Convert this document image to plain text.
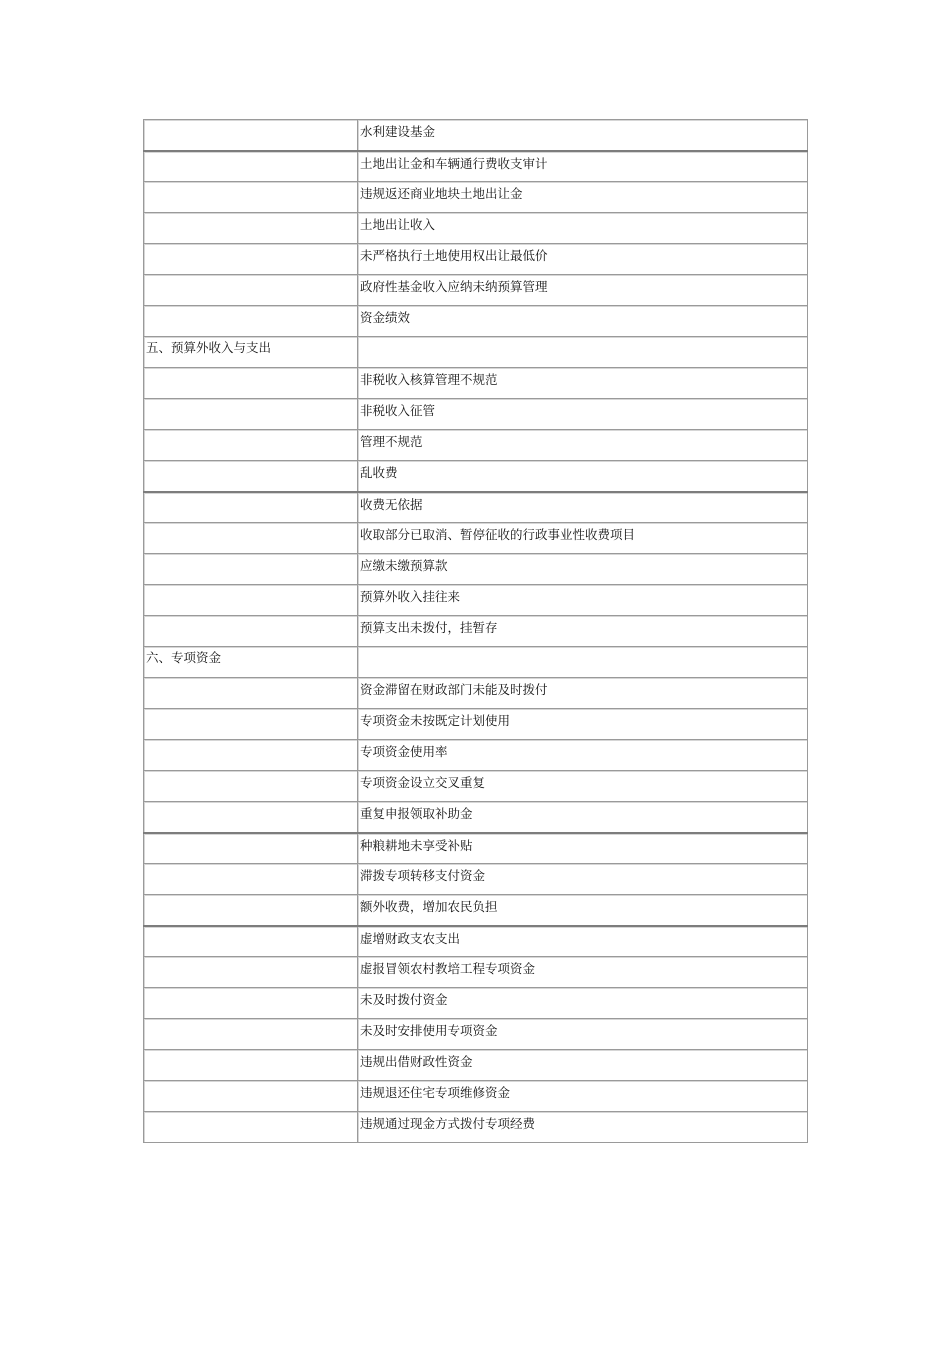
	水利建设基金
	土地出让金和车辆通行费收支审计
	违规返还商业地块土地出让金
	土地出让收入
	未严格执行土地使用权出让最低价
	政府性基金收入应纳未纳预算管理
	资金绩效
五、预算外收入与支出	
	非税收入核算管理不规范
	非税收入征管
	管理不规范
	乱收费
	收费无依据
	收取部分已取消、暂停征收的行政事业性收费项目
	应缴未缴预算款
	预算外收入挂往来
	预算支出未拨付，挂暂存
六、专项资金	
	资金滞留在财政部门未能及时拨付
	专项资金未按既定计划使用
	专项资金使用率
	专项资金设立交叉重复
	重复申报领取补助金
	种粮耕地未享受补贴
	滞拨专项转移支付资金
	额外收费，增加农民负担
	虚增财政支农支出
	虚报冒领农村教培工程专项资金
	未及时拨付资金
	未及时安排使用专项资金
	违规出借财政性资金
	违规退还住宅专项维修资金
	违规通过现金方式拨付专项经费
